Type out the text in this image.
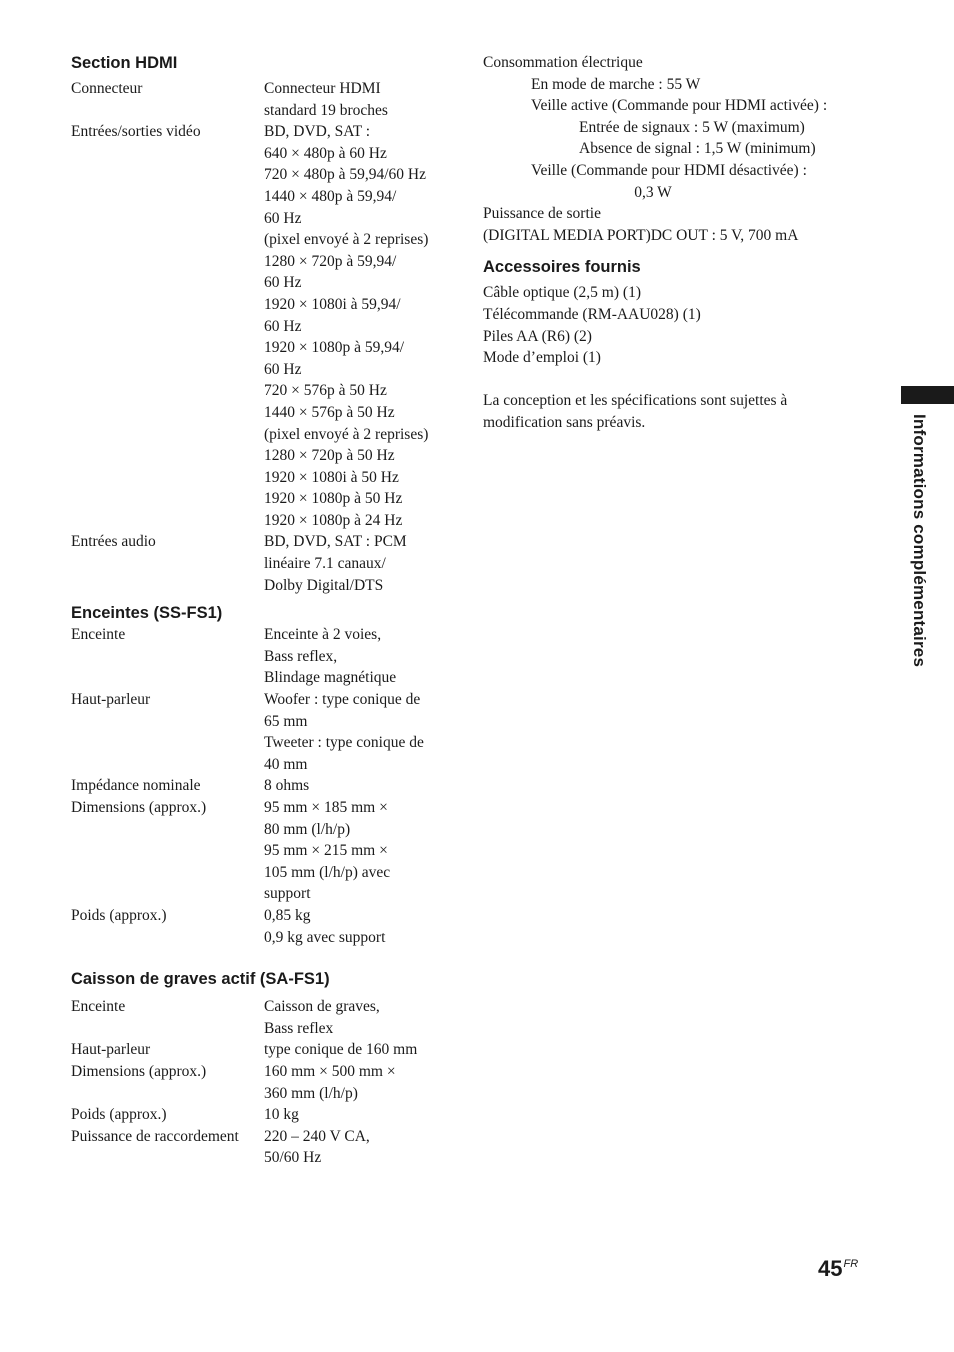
Section HDMI
Connecteur	Connecteur HDMI
standard 19 broches
Entrées/sorties vidéo	BD, DVD, SAT :
640 × 480p à 60 Hz
720 × 480p à 59,94/60 Hz
1440 × 480p à 59,94/
60 Hz
(pixel envoyé à 2 reprises)
1280 × 720p à 59,94/
60 Hz
1920 × 1080i à 59,94/
60 Hz
1920 × 1080p à 59,94/
60 Hz
720 × 576p à 50 Hz
1440 × 576p à 50 Hz
(pixel envoyé à 2 reprises)
1280 × 720p à 50 Hz
1920 × 1080i à 50 Hz
1920 × 1080p à 50 Hz
1920 × 1080p à 24 Hz
Entrées audio	BD, DVD, SAT : PCM
linéaire 7.1 canaux/
Dolby Digital/DTS
Enceintes (SS-FS1)
Enceinte	Enceinte à 2 voies,
Bass reflex,
Blindage magnétique
Haut-parleur	Woofer : type conique de
65 mm
Tweeter : type conique de
40 mm
Impédance nominale	8 ohms
Dimensions (approx.)	95 mm × 185 mm ×
80 mm (l/h/p)
95 mm × 215 mm ×
105 mm (l/h/p) avec
support
Poids (approx.)	0,85 kg
0,9 kg avec support
Caisson de graves actif (SA-FS1)
Enceinte	Caisson de graves,
Bass reflex
Haut-parleur	type conique de 160 mm
Dimensions (approx.)	160 mm × 500 mm ×
360 mm (l/h/p)
Poids (approx.)	10 kg
Puissance de raccordement	220 – 240 V CA,
50/60 Hz
Consommation électrique
En mode de marche : 55 W
Veille active (Commande pour HDMI activée) :
Entrée de signaux : 5 W (maximum)
Absence de signal : 1,5 W (minimum)
Veille (Commande pour HDMI désactivée) :
0,3 W
Puissance de sortie
(DIGITAL MEDIA PORT)DC OUT : 5 V, 700 mA
Accessoires fournis
Câble optique (2,5 m) (1)
Télécommande (RM-AAU028) (1)
Piles AA (R6) (2)
Mode d’emploi (1)
La conception et les spécifications sont sujettes à
modification sans préavis.	Informations complémentaires
$45^{FR}$
